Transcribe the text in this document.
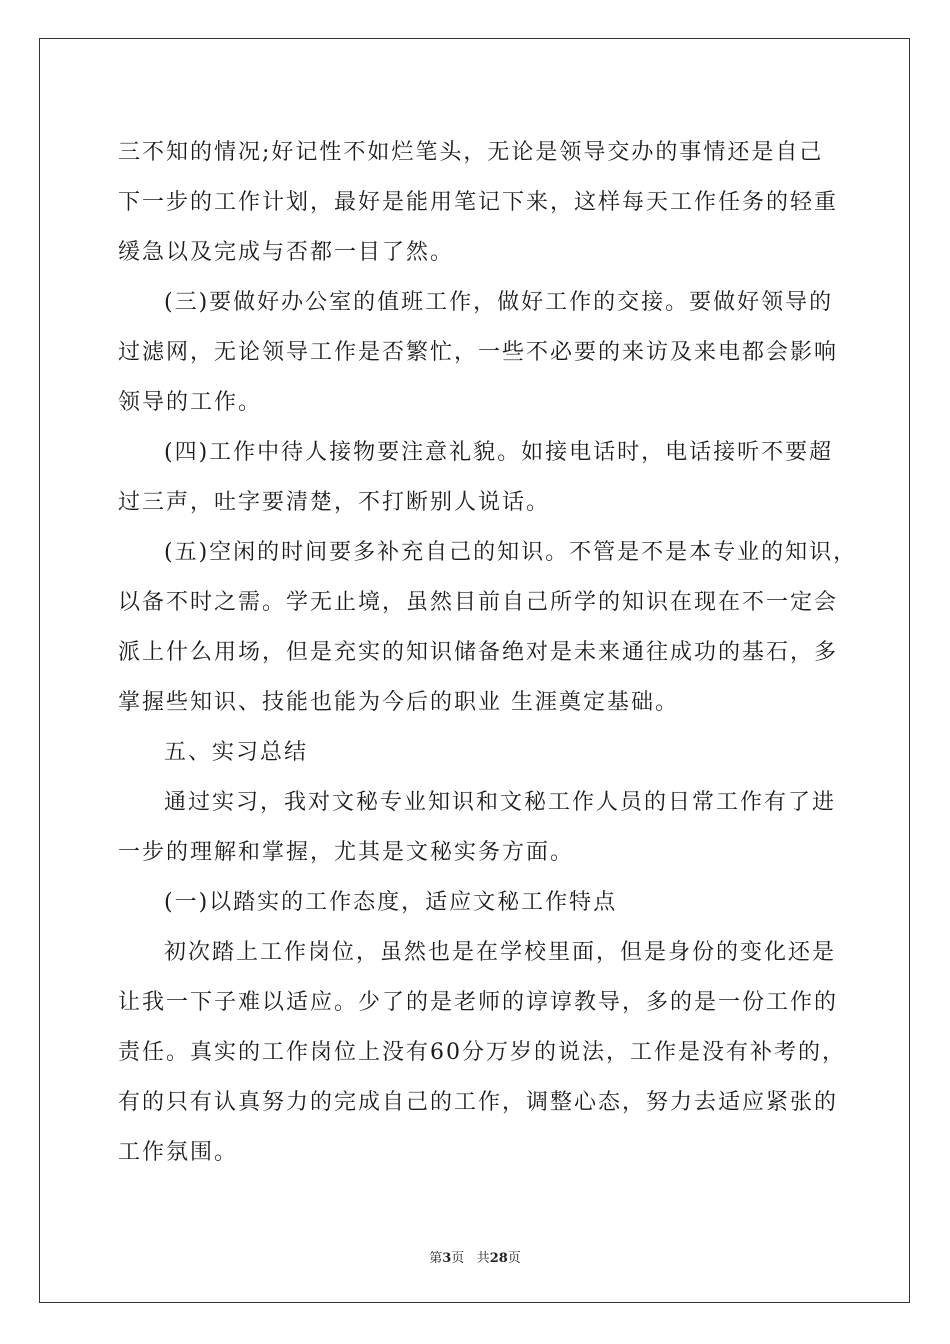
三不知的情况;好记性不如烂笔头，无论是领导交办的事情还是自己
下一步的工作计划，最好是能用笔记下来，这样每天工作任务的轻重
缓急以及完成与否都一目了然。
(三)要做好办公室的值班工作，做好工作的交接。要做好领导的
过滤网，无论领导工作是否繁忙，一些不必要的来访及来电都会影响
领导的工作。
(四)工作中待人接物要注意礼貌。如接电话时，电话接听不要超
过三声，吐字要清楚，不打断别人说话。
(五)空闲的时间要多补充自己的知识。不管是不是本专业的知识，
以备不时之需。学无止境，虽然目前自己所学的知识在现在不一定会
派上什么用场，但是充实的知识储备绝对是未来通往成功的基石，多
掌握些知识、技能也能为今后的职业 生涯奠定基础。
五、实习总结
通过实习，我对文秘专业知识和文秘工作人员的日常工作有了进
一步的理解和掌握，尤其是文秘实务方面。
(一)以踏实的工作态度，适应文秘工作特点
初次踏上工作岗位，虽然也是在学校里面，但是身份的变化还是
让我一下子难以适应。少了的是老师的谆谆教导，多的是一份工作的
责任。真实的工作岗位上没有60分万岁的说法，工作是没有补考的，
有的只有认真努力的完成自己的工作，调整心态，努力去适应紧张的
工作氛围。
第3页 共28页
